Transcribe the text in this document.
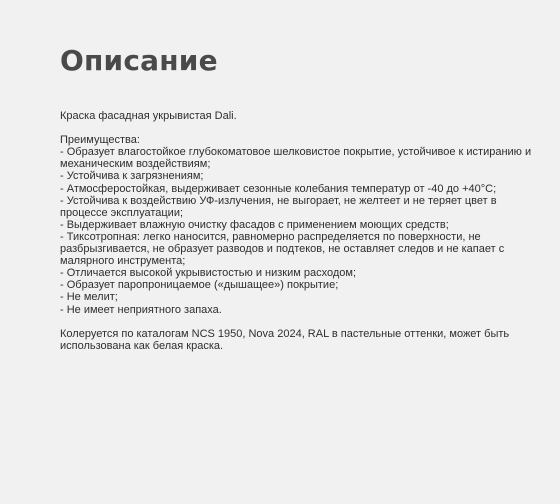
Описание

Краска фасадная укрывистая Dali.

Преимущества:

- Образует влагостойкое глубокоматовое шелковистое покрытие, устойчивое к истиранию и механическим воздействиям;
- Устойчива к загрязнениям;
- Атмосферостойкая, выдерживает сезонные колебания температур от -40 до +40°С;
- Устойчива к воздействию УФ-излучения, не выгорает, не желтеет и не теряет цвет в процессе эксплуатации;
- Выдерживает влажную очистку фасадов с применением моющих средств;
- Тиксотропная: легко наносится, равномерно распределяется по поверхности, не разбрызгивается, не образует разводов и подтеков, не оставляет следов и не капает с малярного инструмента;
- Отличается высокой укрывистостью и низким расходом;
- Образует паропроницаемое («дышащее») покрытие;
- Не мелит;
- Не имеет неприятного запаха.

Колеруется по каталогам NCS 1950, Nova 2024, RAL в пастельные оттенки, может быть использована как белая краска.
